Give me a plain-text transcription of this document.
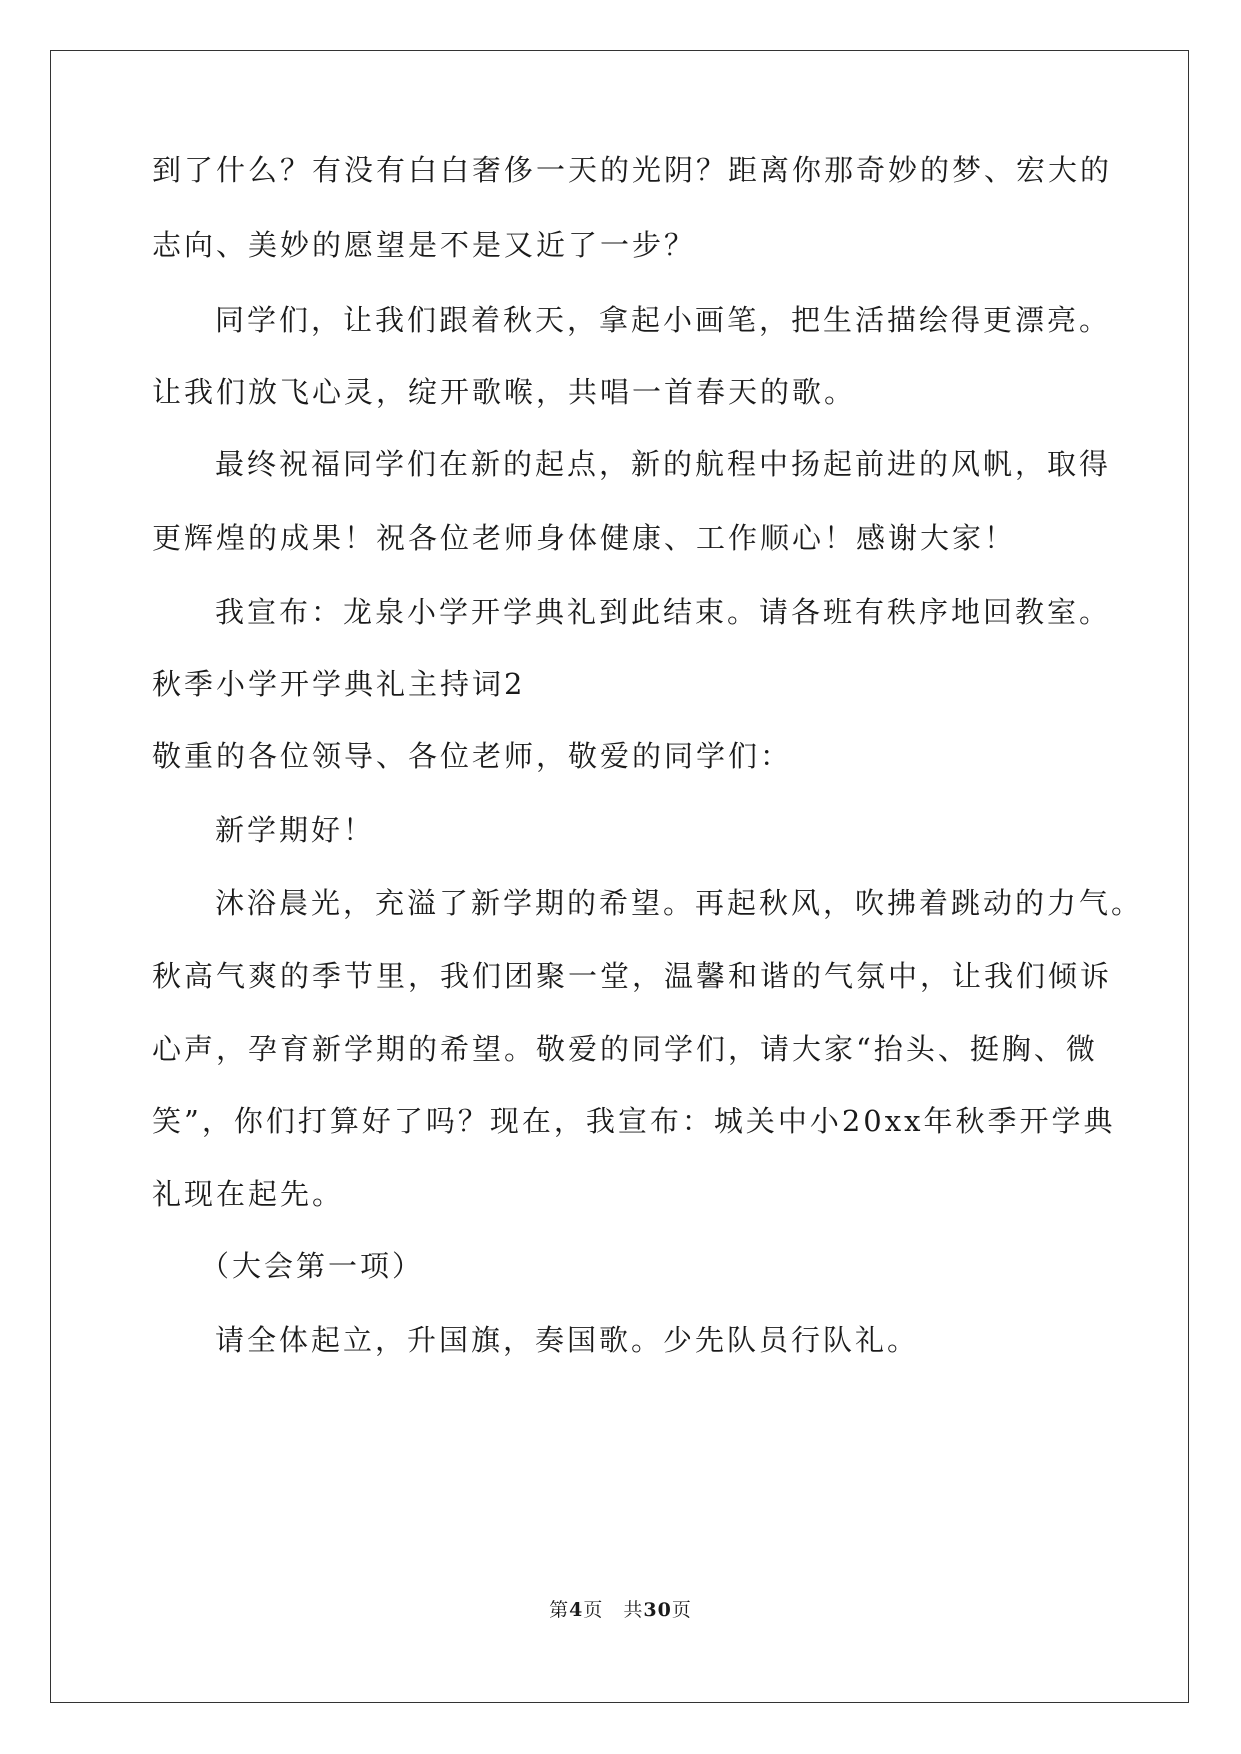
到了什么？有没有白白奢侈一天的光阴？距离你那奇妙的梦、宏大的
志向、美妙的愿望是不是又近了一步？
同学们，让我们跟着秋天，拿起小画笔，把生活描绘得更漂亮。
让我们放飞心灵，绽开歌喉，共唱一首春天的歌。
最终祝福同学们在新的起点，新的航程中扬起前进的风帆，取得
更辉煌的成果！祝各位老师身体健康、工作顺心！感谢大家！
我宣布：龙泉小学开学典礼到此结束。请各班有秩序地回教室。
秋季小学开学典礼主持词2
敬重的各位领导、各位老师，敬爱的同学们：
新学期好！
沐浴晨光，充溢了新学期的希望。再起秋风，吹拂着跳动的力气。
秋高气爽的季节里，我们团聚一堂，温馨和谐的气氛中，让我们倾诉
心声，孕育新学期的希望。敬爱的同学们，请大家“抬头、挺胸、微
笑”，你们打算好了吗？现在，我宣布：城关中小20xx年秋季开学典
礼现在起先。
（大会第一项）
请全体起立，升国旗，奏国歌。少先队员行队礼。
第4页　共30页
